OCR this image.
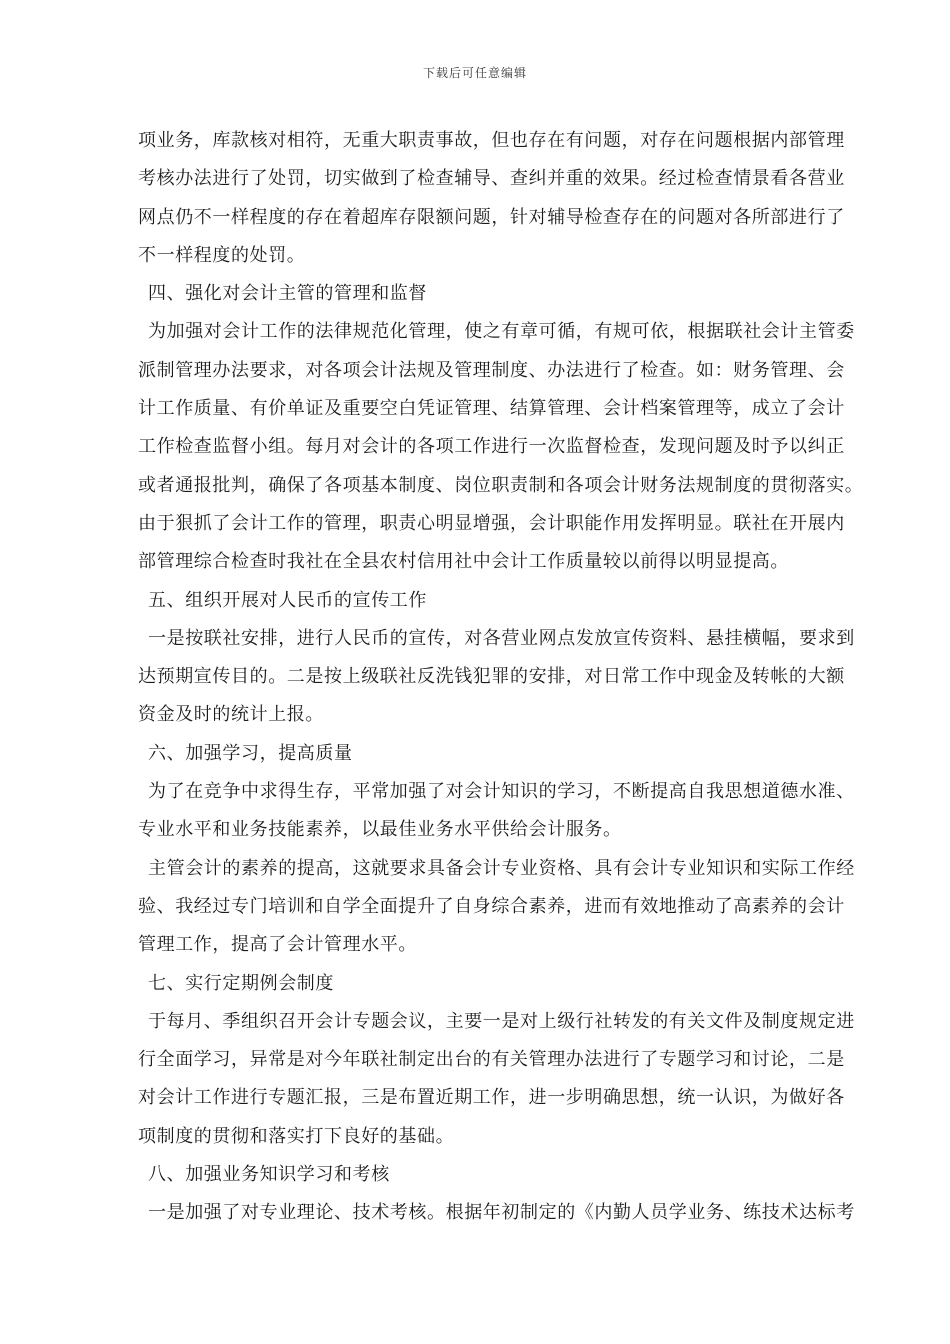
下载后可任意编辑
项业务，库款核对相符，无重大职责事故，但也存在有问题，对存在问题根据内部管理
考核办法进行了处罚，切实做到了检查辅导、查纠并重的效果。经过检查情景看各营业
网点仍不一样程度的存在着超库存限额问题，针对辅导检查存在的问题对各所部进行了
不一样程度的处罚。
四、强化对会计主管的管理和监督
为加强对会计工作的法律规范化管理，使之有章可循，有规可依，根据联社会计主管委
派制管理办法要求，对各项会计法规及管理制度、办法进行了检查。如：财务管理、会
计工作质量、有价单证及重要空白凭证管理、结算管理、会计档案管理等，成立了会计
工作检查监督小组。每月对会计的各项工作进行一次监督检查，发现问题及时予以纠正
或者通报批判，确保了各项基本制度、岗位职责制和各项会计财务法规制度的贯彻落实。
由于狠抓了会计工作的管理，职责心明显增强，会计职能作用发挥明显。联社在开展内
部管理综合检查时我社在全县农村信用社中会计工作质量较以前得以明显提高。
五、组织开展对人民币的宣传工作
一是按联社安排，进行人民币的宣传，对各营业网点发放宣传资料、悬挂横幅，要求到
达预期宣传目的。二是按上级联社反洗钱犯罪的安排，对日常工作中现金及转帐的大额
资金及时的统计上报。
六、加强学习，提高质量
为了在竞争中求得生存，平常加强了对会计知识的学习，不断提高自我思想道德水准、
专业水平和业务技能素养，以最佳业务水平供给会计服务。
主管会计的素养的提高，这就要求具备会计专业资格、具有会计专业知识和实际工作经
验、我经过专门培训和自学全面提升了自身综合素养，进而有效地推动了高素养的会计
管理工作，提高了会计管理水平。
七、实行定期例会制度
于每月、季组织召开会计专题会议，主要一是对上级行社转发的有关文件及制度规定进
行全面学习，异常是对今年联社制定出台的有关管理办法进行了专题学习和讨论，二是
对会计工作进行专题汇报，三是布置近期工作，进一步明确思想，统一认识，为做好各
项制度的贯彻和落实打下良好的基础。
八、加强业务知识学习和考核
一是加强了对专业理论、技术考核。根据年初制定的《内勤人员学业务、练技术达标考
